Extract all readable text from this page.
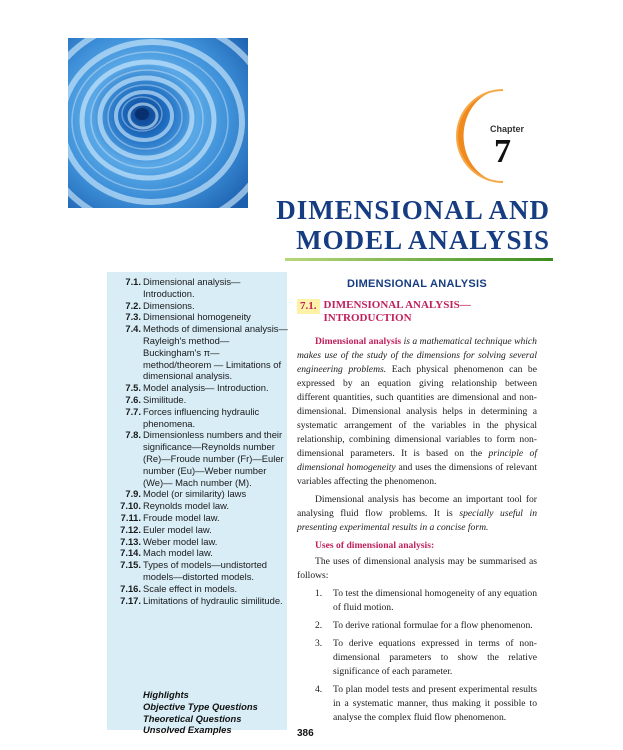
Chapter
7
DIMENSIONAL AND
MODEL ANALYSIS
7.1. Dimensional analysis— Introduction.
7.2. Dimensions.
7.3. Dimensional homogeneity
7.4. Methods of dimensional analysis— Rayleigh's method— Buckingham's π— method/theorem — Limitations of dimensional analysis.
7.5. Model analysis— Introduction.
7.6. Similitude.
7.7. Forces influencing hydraulic phenomena.
7.8. Dimensionless numbers and their significance—Reynolds number (Re)—Froude number (Fr)—Euler number (Eu)—Weber number (We)— Mach number (M).
7.9. Model (or similarity) laws
7.10. Reynolds model law.
7.11. Froude model law.
7.12. Euler model law.
7.13. Weber model law.
7.14. Mach model law.
7.15. Types of models—undistorted models—distorted models.
7.16. Scale effect in models.
7.17. Limitations of hydraulic similitude.
Highlights
Objective Type Questions
Theoretical Questions
Unsolved Examples
DIMENSIONAL ANALYSIS
7.1. DIMENSIONAL ANALYSIS— INTRODUCTION

Dimensional analysis is a mathematical technique which makes use of the study of the dimensions for solving several engineering problems. Each physical phenomenon can be expressed by an equation giving relationship between different quantities, such quantities are dimensional and non-dimensional. Dimensional analysis helps in determining a systematic arrangement of the variables in the physical relationship, combining dimensional variables to form non-dimensional parameters. It is based on the principle of dimensional homogeneity and uses the dimensions of relevant variables affecting the phenomenon.

Dimensional analysis has become an important tool for analysing fluid flow problems. It is specially useful in presenting experimental results in a concise form.

Uses of dimensional analysis:

The uses of dimensional analysis may be summarised as follows:

1. To test the dimensional homogeneity of any equation of fluid motion.
2. To derive rational formulae for a flow phenomenon.
3. To derive equations expressed in terms of non-dimensional parameters to show the relative significance of each parameter.
4. To plan model tests and present experimental results in a systematic manner, thus making it possible to analyse the complex fluid flow phenomenon.
386
